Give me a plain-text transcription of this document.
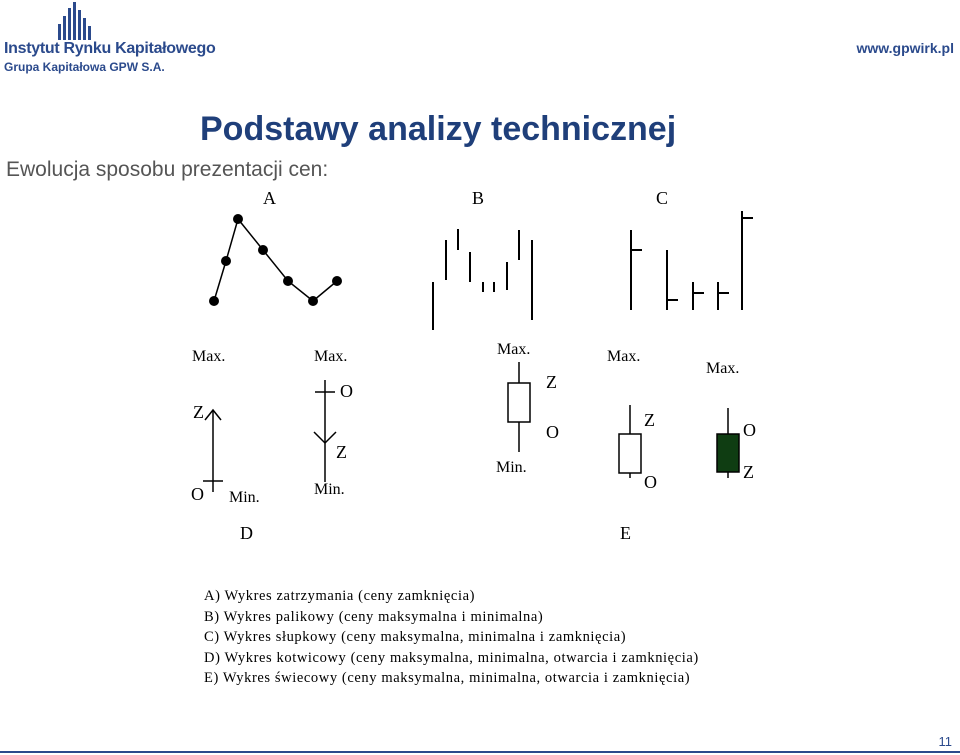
Instytut Rynku Kapitałowego
Grupa Kapitałowa GPW S.A.
www.gpwirk.pl
Podstawy analizy technicznej
Ewolucja sposobu prezentacji cen:
A	B	C
D	E
Max.
Z
O Min.
Max.
O
Z
Min.
Max.
Z
O
Min.
Max.
Z
O
Max.
O
Z
A) Wykres zatrzymania (ceny zamknięcia)
B) Wykres palikowy (ceny maksymalna i minimalna)
C) Wykres słupkowy (ceny maksymalna, minimalna i zamknięcia)
D) Wykres kotwicowy (ceny maksymalna, minimalna, otwarcia i zamknięcia)
E) Wykres świecowy (ceny maksymalna, minimalna, otwarcia i zamknięcia)
11
